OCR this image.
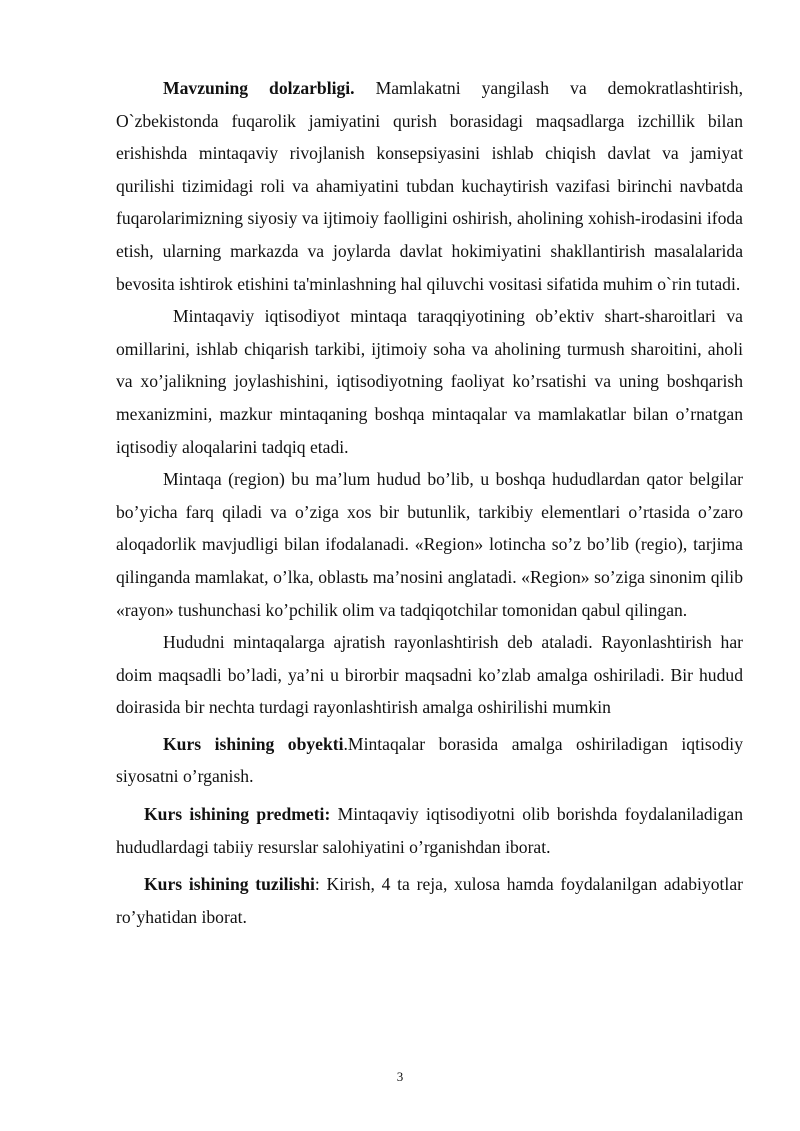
Mavzuning dolzarbligi. Mamlakatni yangilash va demokratlashtirish, O`zbekistonda fuqarolik jamiyatini qurish borasidagi maqsadlarga izchillik bilan erishishda mintaqaviy rivojlanish konsepsiyasini ishlab chiqish davlat va jamiyat qurilishi tizimidagi roli va ahamiyatini tubdan kuchaytirish vazifasi birinchi navbatda fuqarolarimizning siyosiy va ijtimoiy faolligini oshirish, aholining xohish-irodasini ifoda etish, ularning markazda va joylarda davlat hokimiyatini shakllantirish masalalarida bevosita ishtirok etishini ta'minlashning hal qiluvchi vositasi sifatida muhim o`rin tutadi.

Mintaqaviy iqtisodiyot mintaqa taraqqiyotining ob’ektiv shart-sharoitlari va omillarini, ishlab chiqarish tarkibi, ijtimoiy soha va aholining turmush sharoitini, aholi va xo’jalikning joylashishini, iqtisodiyotning faoliyat ko’rsatishi va uning boshqarish mexanizmini, mazkur mintaqaning boshqa mintaqalar va mamlakatlar bilan o’rnatgan iqtisodiy aloqalarini tadqiq etadi.

Mintaqa (region) bu ma’lum hudud bo’lib, u boshqa hududlardan qator belgilar bo’yicha farq qiladi va o’ziga xos bir butunlik, tarkibiy elementlari o’rtasida o’zaro aloqadorlik mavjudligi bilan ifodalanadi. «Region» lotincha so’z bo’lib (regio), tarjima qilinganda mamlakat, o’lka, oblastь ma’nosini anglatadi. «Region» so’ziga sinonim qilib «rayon» tushunchasi ko’pchilik olim va tadqiqotchilar tomonidan qabul qilingan.

Hududni mintaqalarga ajratish rayonlashtirish deb ataladi. Rayonlashtirish har doim maqsadli bo’ladi, ya’ni u birorbir maqsadni ko’zlab amalga oshiriladi. Bir hudud doirasida bir nechta turdagi rayonlashtirish amalga oshirilishi mumkin

Kurs ishining obyekti.Mintaqalar borasida amalga oshiriladigan iqtisodiy siyosatni o’rganish.

Kurs ishining predmeti: Mintaqaviy iqtisodiyotni olib borishda foydalaniladigan hududlardagi tabiiy resurslar salohiyatini o’rganishdan iborat.

Kurs ishining tuzilishi: Kirish, 4 ta reja, xulosa hamda foydalanilgan adabiyotlar ro’yhatidan iborat.

3
